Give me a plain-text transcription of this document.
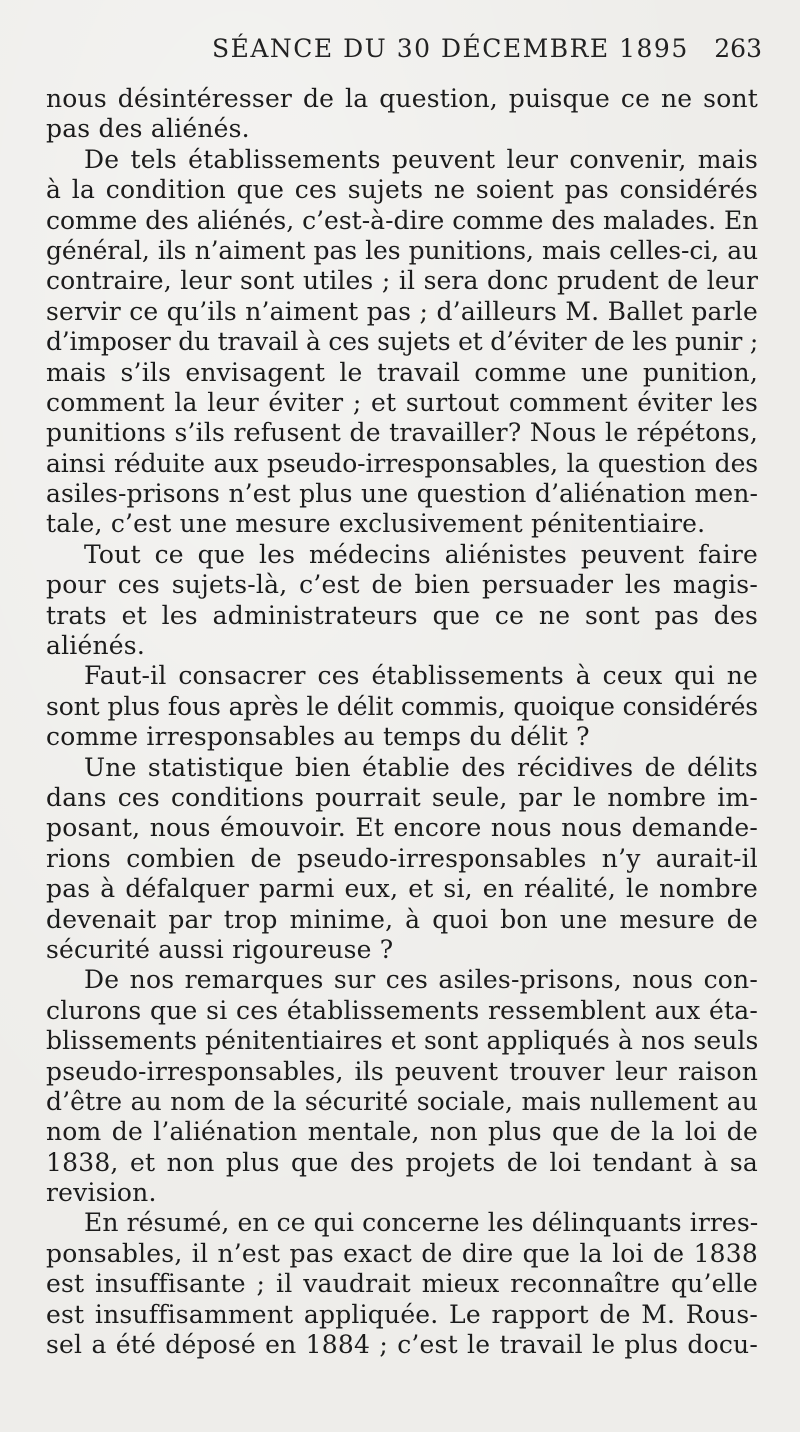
SÉANCE DU 30 DÉCEMBRE 1895 263
nous désintéresser de la question, puisque ce ne sont
pas des aliénés.
De tels établissements peuvent leur convenir, mais
à la condition que ces sujets ne soient pas considérés
comme des aliénés, c’est-à-dire comme des malades. En
général, ils n’aiment pas les punitions, mais celles-ci, au
contraire, leur sont utiles ; il sera donc prudent de leur
servir ce qu’ils n’aiment pas ; d’ailleurs M. Ballet parle
d’imposer du travail à ces sujets et d’éviter de les punir ;
mais s’ils envisagent le travail comme une punition,
comment la leur éviter ; et surtout comment éviter les
punitions s’ils refusent de travailler? Nous le répétons,
ainsi réduite aux pseudo-irresponsables, la question des
asiles-prisons n’est plus une question d’aliénation men-
tale, c’est une mesure exclusivement pénitentiaire.
Tout ce que les médecins aliénistes peuvent faire
pour ces sujets-là, c’est de bien persuader les magis-
trats et les administrateurs que ce ne sont pas des
aliénés.
Faut-il consacrer ces établissements à ceux qui ne
sont plus fous après le délit commis, quoique considérés
comme irresponsables au temps du délit ?
Une statistique bien établie des récidives de délits
dans ces conditions pourrait seule, par le nombre im-
posant, nous émouvoir. Et encore nous nous demande-
rions combien de pseudo-irresponsables n’y aurait-il
pas à défalquer parmi eux, et si, en réalité, le nombre
devenait par trop minime, à quoi bon une mesure de
sécurité aussi rigoureuse ?
De nos remarques sur ces asiles-prisons, nous con-
clurons que si ces établissements ressemblent aux éta-
blissements pénitentiaires et sont appliqués à nos seuls
pseudo-irresponsables, ils peuvent trouver leur raison
d’être au nom de la sécurité sociale, mais nullement au
nom de l’aliénation mentale, non plus que de la loi de
1838, et non plus que des projets de loi tendant à sa
revision.
En résumé, en ce qui concerne les délinquants irres-
ponsables, il n’est pas exact de dire que la loi de 1838
est insuffisante ; il vaudrait mieux reconnaître qu’elle
est insuffisamment appliquée. Le rapport de M. Rous-
sel a été déposé en 1884 ; c’est le travail le plus docu-
